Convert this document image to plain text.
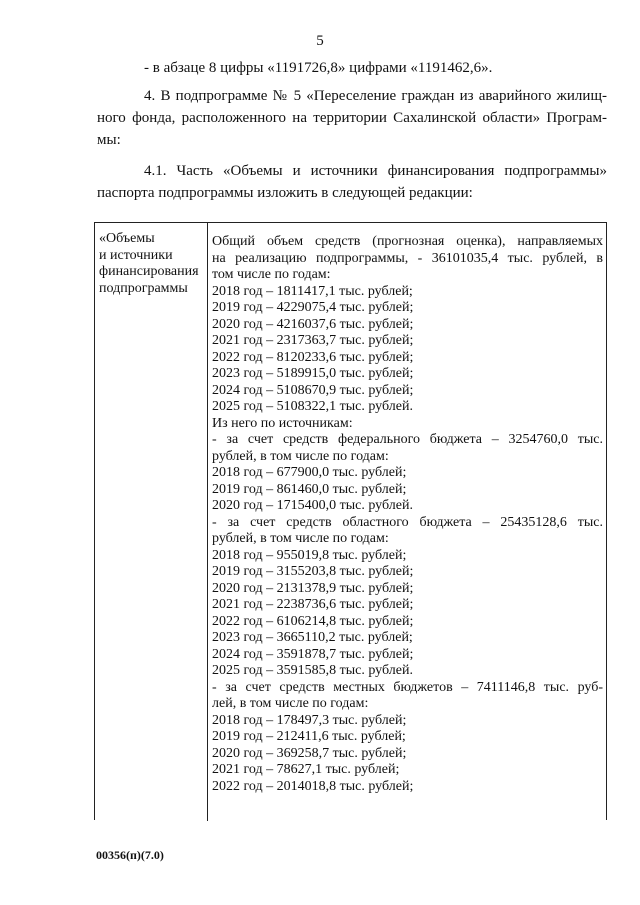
5
- в абзаце 8 цифры «1191726,8» цифрами «1191462,6».
4. В подпрограмме № 5 «Переселение граждан из аварийного жилищ-
ного фонда, расположенного на территории Сахалинской области» Програм-
мы:
4.1. Часть «Объемы и источники финансирования подпрограммы»
паспорта подпрограммы изложить в следующей редакции:
«Объемы
и источники
финансирования
подпрограммы
Общий объем средств (прогнозная оценка), направляемых
на реализацию подпрограммы, - 36101035,4 тыс. рублей, в
том числе по годам:
2018 год – 1811417,1 тыс. рублей;
2019 год – 4229075,4 тыс. рублей;
2020 год – 4216037,6 тыс. рублей;
2021 год – 2317363,7 тыс. рублей;
2022 год – 8120233,6 тыс. рублей;
2023 год – 5189915,0 тыс. рублей;
2024 год – 5108670,9 тыс. рублей;
2025 год – 5108322,1 тыс. рублей.
Из него по источникам:
- за счет средств федерального бюджета – 3254760,0 тыс.
рублей, в том числе по годам:
2018 год – 677900,0 тыс. рублей;
2019 год – 861460,0 тыс. рублей;
2020 год – 1715400,0 тыс. рублей.
- за счет средств областного бюджета – 25435128,6 тыс.
рублей, в том числе по годам:
2018 год – 955019,8 тыс. рублей;
2019 год – 3155203,8 тыс. рублей;
2020 год – 2131378,9 тыс. рублей;
2021 год – 2238736,6 тыс. рублей;
2022 год – 6106214,8 тыс. рублей;
2023 год – 3665110,2 тыс. рублей;
2024 год – 3591878,7 тыс. рублей;
2025 год – 3591585,8 тыс. рублей.
- за счет средств местных бюджетов – 7411146,8 тыс. руб-
лей, в том числе по годам:
2018 год – 178497,3 тыс. рублей;
2019 год – 212411,6 тыс. рублей;
2020 год – 369258,7 тыс. рублей;
2021 год – 78627,1 тыс. рублей;
2022 год – 2014018,8 тыс. рублей;
00356(п)(7.0)
